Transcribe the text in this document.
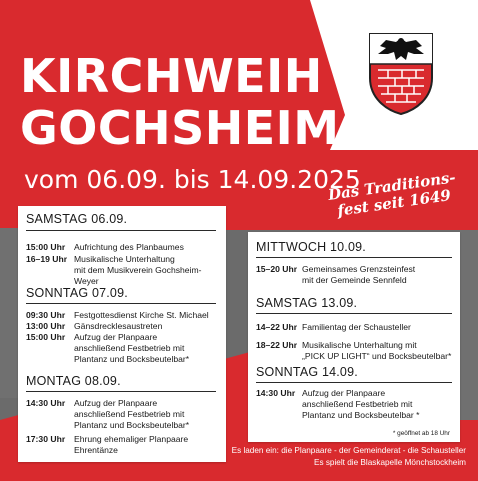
KIRCHWEIH
GOCHSHEIM
vom 06.09. bis 14.09.2025
Das Traditions-fest seit 1649
SAMSTAG 06.09.
15:00 Uhr Aufrichtung des Planbaumes
16–19 Uhr Musikalische Unterhaltung
mit dem Musikverein Gochsheim-Weyer
SONNTAG 07.09.
09:30 Uhr Festgottesdienst Kirche St. Michael
13:00 Uhr Gänsdrecklesaustreten
15:00 Uhr Aufzug der Planpaare
anschließend Festbetrieb mit
Plantanz und Bocksbeutelbar*
MONTAG 08.09.
14:30 Uhr Aufzug der Planpaare
anschließend Festbetrieb mit
Plantanz und Bocksbeutelbar*
17:30 Uhr Ehrung ehemaliger Planpaare
Ehrentänze
MITTWOCH 10.09.
15–20 Uhr Gemeinsames Grenzsteinfest
mit der Gemeinde Sennfeld
SAMSTAG 13.09.
14–22 Uhr Familientag der Schausteller
18–22 Uhr Musikalische Unterhaltung mit
„PICK UP LIGHT“ und Bocksbeutelbar*
SONNTAG 14.09.
14:30 Uhr Aufzug der Planpaare
anschließend Festbetrieb mit
Plantanz und Bocksbeutelbar *
* geöffnet ab 18 Uhr
Es laden ein: die Planpaare - der Gemeinderat - die Schausteller
Es spielt die Blaskapelle Mönchstockheim
